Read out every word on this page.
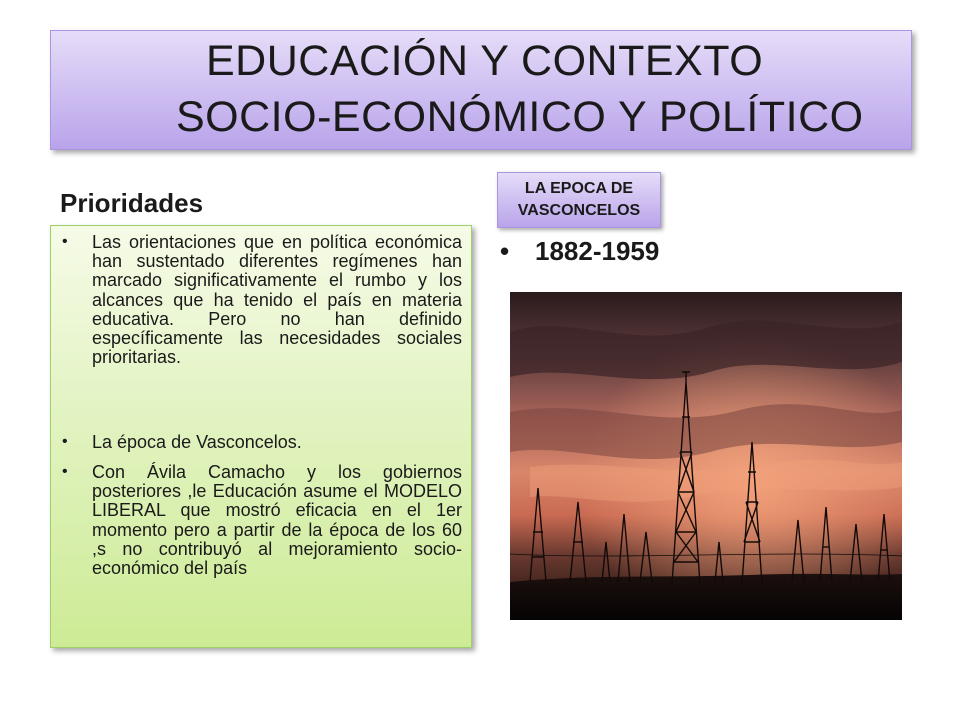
EDUCACIÓN Y CONTEXTO
SOCIO-ECONÓMICO Y POLÍTICO
Prioridades	LA EPOCA DE
VASCONCELOS
• Las orientaciones que en política económica han sustentado diferentes regímenes han marcado significativamente el rumbo y los alcances que ha tenido el país en materia educativa. Pero no han definido específicamente las necesidades sociales prioritarias.
• La época de Vasconcelos.
• Con Ávila Camacho y los gobiernos posteriores ,le Educación asume el MODELO LIBERAL que mostró eficacia en el 1er momento pero a partir de la época de los 60 ,s no contribuyó al mejoramiento socio-económico del país
• 1882-1959
